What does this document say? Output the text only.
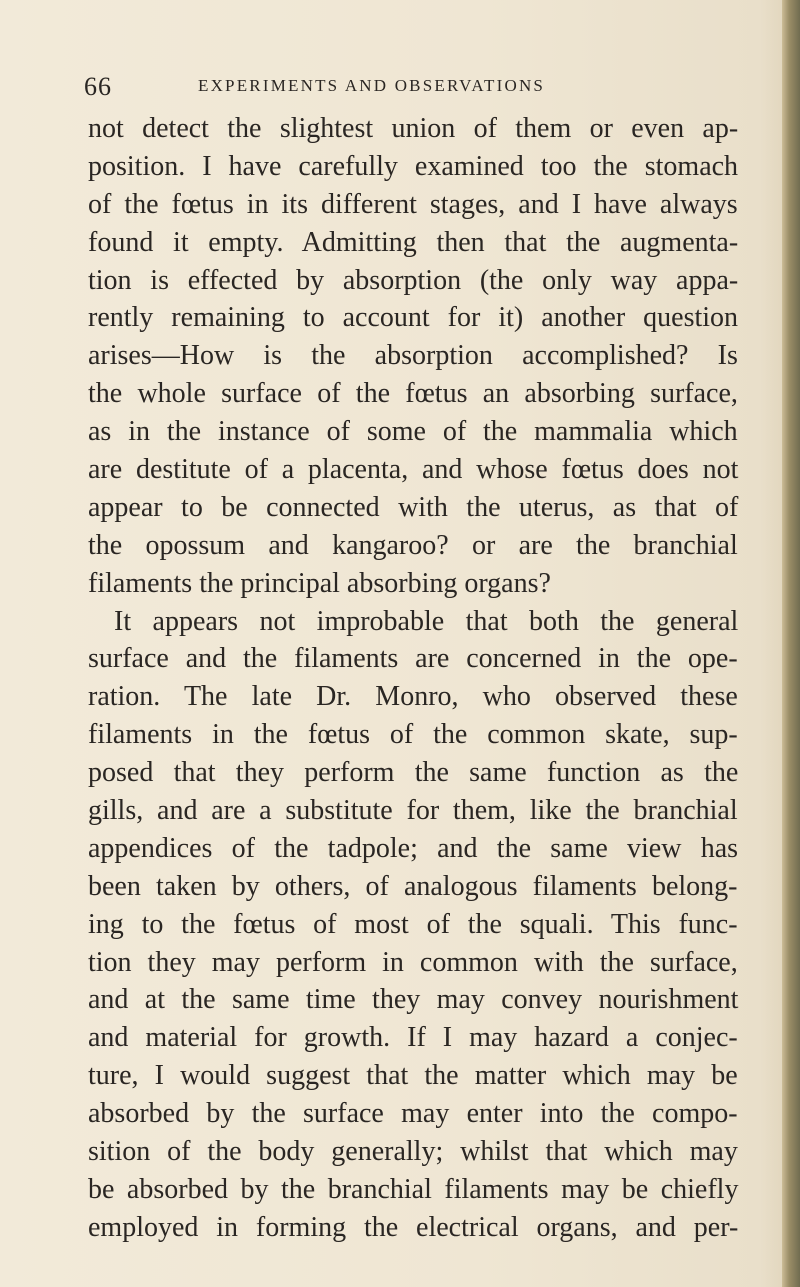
66	EXPERIMENTS AND OBSERVATIONS
not detect the slightest union of them or even ap-
position. I have carefully examined too the stomach
of the fœtus in its different stages, and I have always
found it empty. Admitting then that the augmenta-
tion is effected by absorption (the only way appa-
rently remaining to account for it) another question
arises—How is the absorption accomplished? Is
the whole surface of the fœtus an absorbing surface,
as in the instance of some of the mammalia which
are destitute of a placenta, and whose fœtus does not
appear to be connected with the uterus, as that of
the opossum and kangaroo? or are the branchial
filaments the principal absorbing organs?
It appears not improbable that both the general
surface and the filaments are concerned in the ope-
ration. The late Dr. Monro, who observed these
filaments in the fœtus of the common skate, sup-
posed that they perform the same function as the
gills, and are a substitute for them, like the branchial
appendices of the tadpole; and the same view has
been taken by others, of analogous filaments belong-
ing to the fœtus of most of the squali. This func-
tion they may perform in common with the surface,
and at the same time they may convey nourishment
and material for growth. If I may hazard a conjec-
ture, I would suggest that the matter which may be
absorbed by the surface may enter into the compo-
sition of the body generally; whilst that which may
be absorbed by the branchial filaments may be chiefly
employed in forming the electrical organs, and per-
